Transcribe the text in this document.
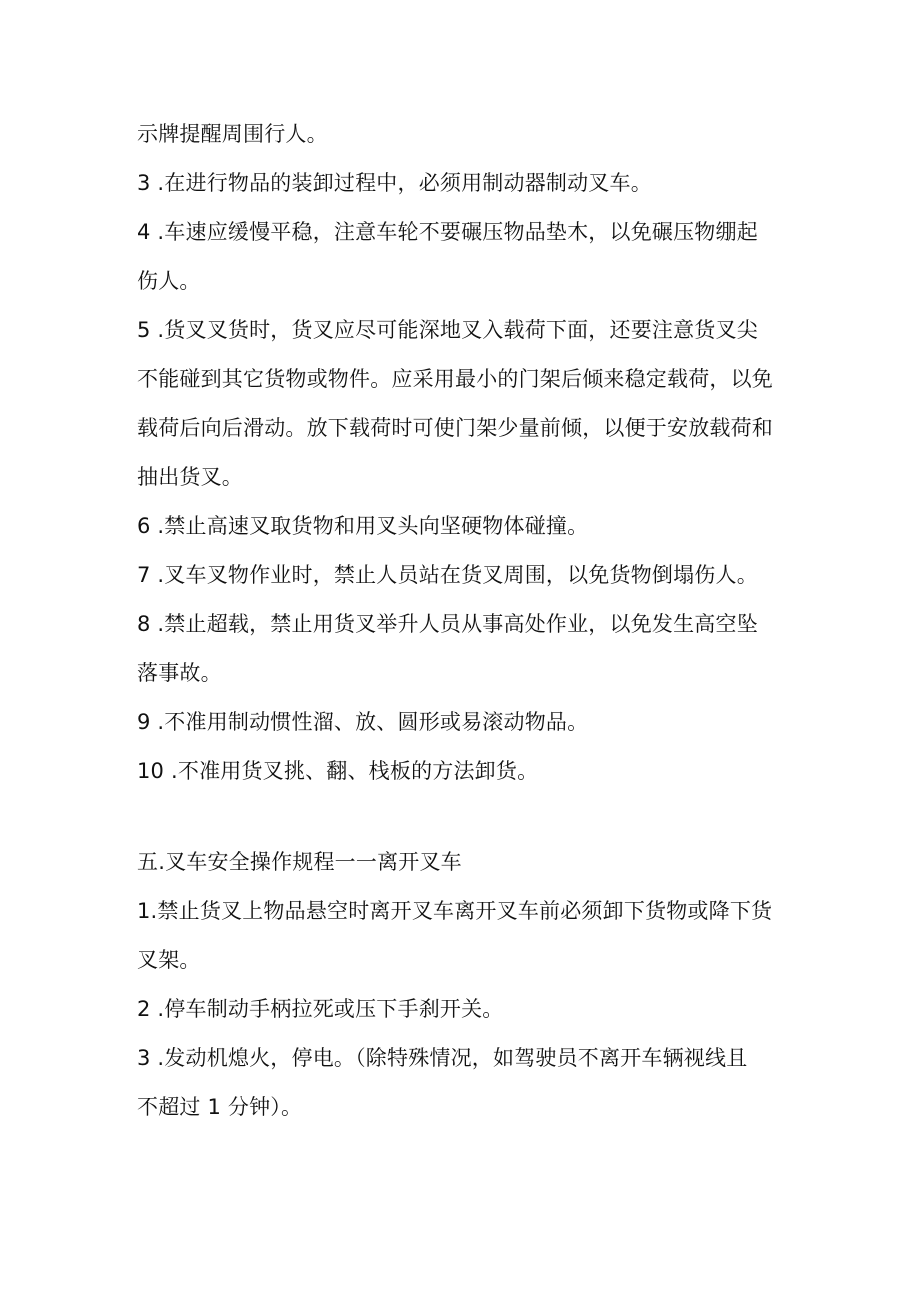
示牌提醒周围行人。
3 .在进行物品的装卸过程中，必须用制动器制动叉车。
4 .车速应缓慢平稳，注意车轮不要碾压物品垫木，以免碾压物绷起
伤人。
5 .货叉叉货时，货叉应尽可能深地叉入载荷下面，还要注意货叉尖
不能碰到其它货物或物件。应采用最小的门架后倾来稳定载荷，以免
载荷后向后滑动。放下载荷时可使门架少量前倾，以便于安放载荷和
抽出货叉。
6 .禁止高速叉取货物和用叉头向坚硬物体碰撞。
7 .叉车叉物作业时，禁止人员站在货叉周围，以免货物倒塌伤人。
8 .禁止超载，禁止用货叉举升人员从事高处作业，以免发生高空坠
落事故。
9 .不准用制动惯性溜、放、圆形或易滚动物品。
10 .不准用货叉挑、翻、栈板的方法卸货。
五.叉车安全操作规程一一离开叉车
1.禁止货叉上物品悬空时离开叉车离开叉车前必须卸下货物或降下货
叉架。
2 .停车制动手柄拉死或压下手刹开关。
3 .发动机熄火，停电。（除特殊情况，如驾驶员不离开车辆视线且
不超过 1 分钟）。
